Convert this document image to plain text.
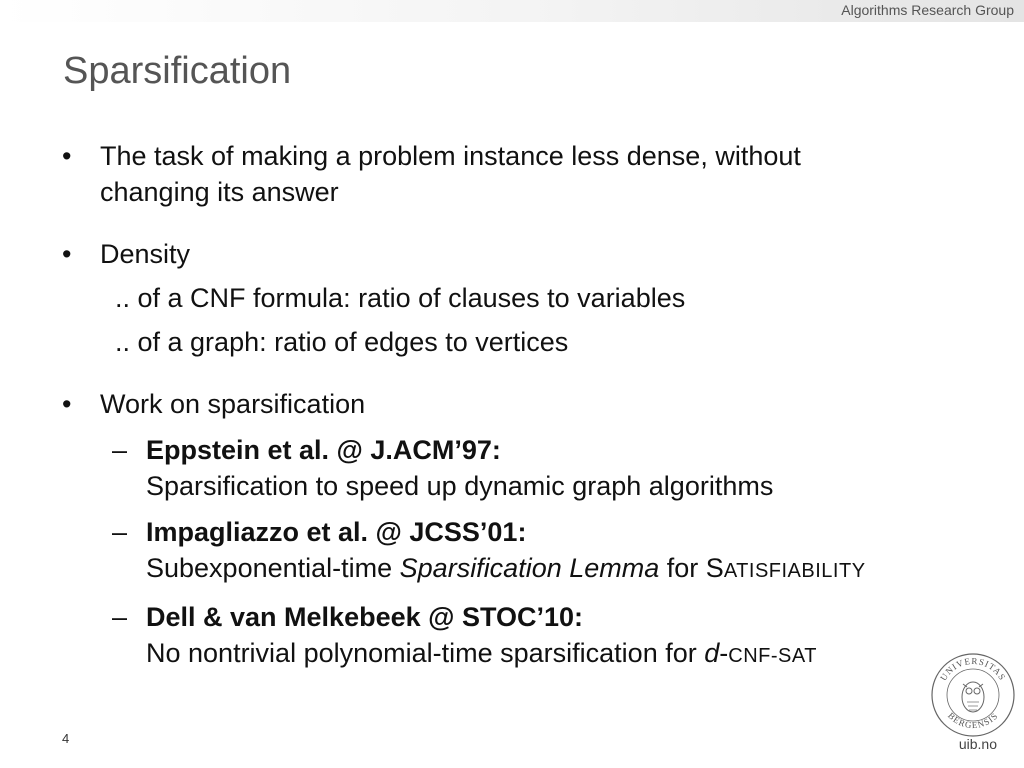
Algorithms Research Group
Sparsification
• The task of making a problem instance less dense, without
changing its answer
• Density
.. of a CNF formula: ratio of clauses to variables
.. of a graph: ratio of edges to vertices
• Work on sparsification
– Eppstein et al. @ J.ACM’97:
Sparsification to speed up dynamic graph algorithms
– Impagliazzo et al. @ JCSS’01:
Subexponential-time Sparsification Lemma for SATISFIABILITY
– Dell & van Melkebeek @ STOC’10:
No nontrivial polynomial-time sparsification for d-CNF-SAT
UNIVERSITAS
BERGENSIS
4	uib.no
